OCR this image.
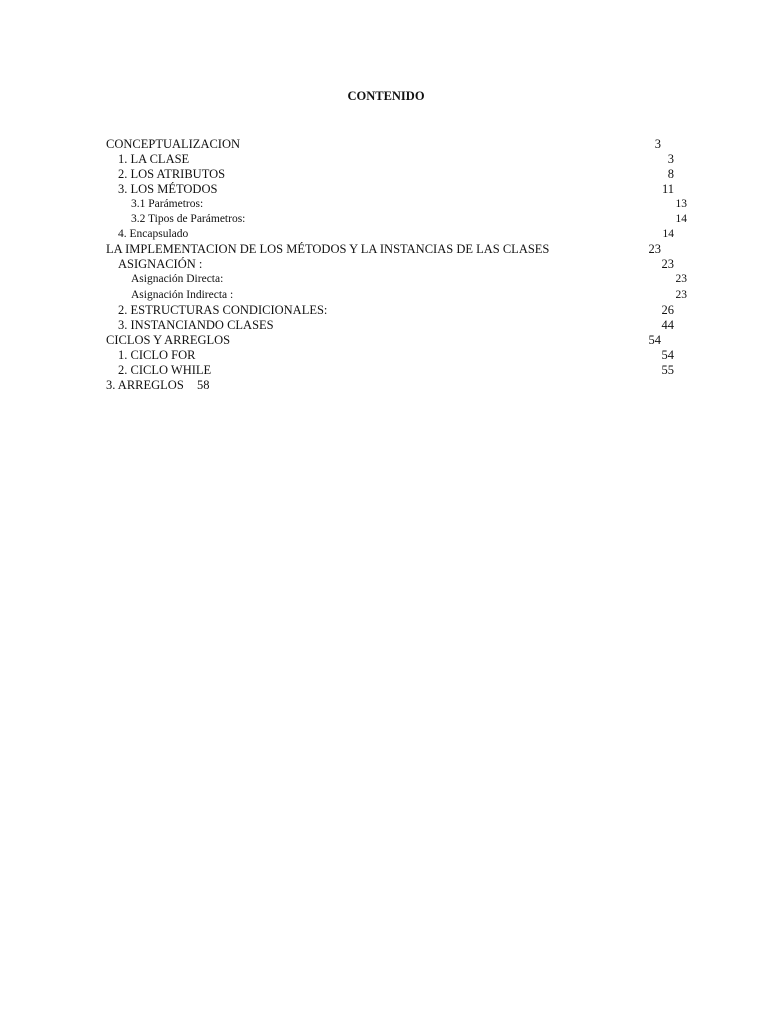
CONTENIDO
CONCEPTUALIZACION	3
1. LA CLASE	3
2. LOS ATRIBUTOS	8
3. LOS MÉTODOS	11
3.1 Parámetros:	13
3.2 Tipos de Parámetros:	14
4. Encapsulado	14
LA IMPLEMENTACION DE LOS MÉTODOS Y LA INSTANCIAS DE LAS CLASES	23
ASIGNACIÓN :	23
Asignación Directa:	23
Asignación Indirecta :	23
2. ESTRUCTURAS CONDICIONALES:	26
3. INSTANCIANDO CLASES	44
CICLOS Y ARREGLOS	54
1. CICLO FOR	54
2. CICLO WHILE	55
3. ARREGLOS 58
